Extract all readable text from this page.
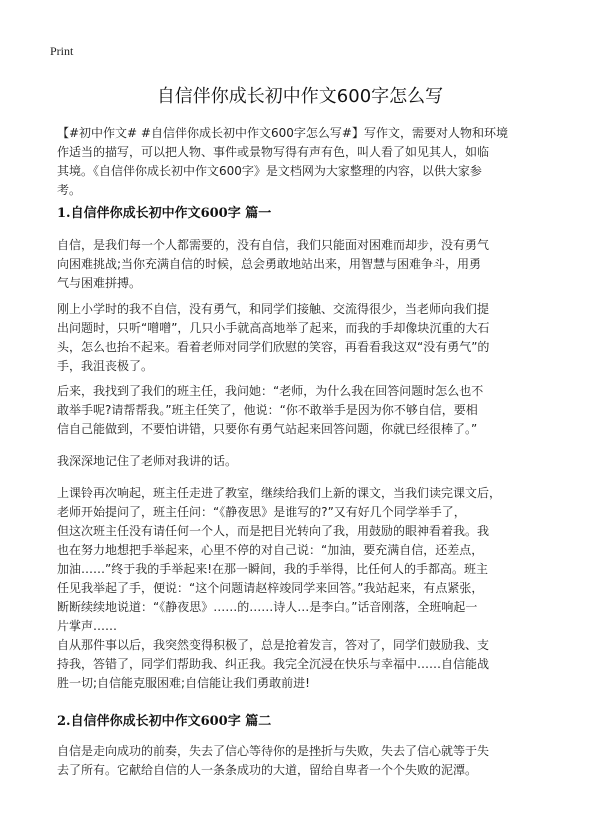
Print
自信伴你成长初中作文600字怎么写
【#初中作文# #自信伴你成长初中作文600字怎么写#】写作文，需要对人物和环境
作适当的描写，可以把人物、事件或景物写得有声有色，叫人看了如见其人，如临
其境。《自信伴你成长初中作文600字》是文档网为大家整理的内容，以供大家参
考。
1.自信伴你成长初中作文600字 篇一
自信，是我们每一个人都需要的，没有自信，我们只能面对困难而却步，没有勇气
向困难挑战;当你充满自信的时候，总会勇敢地站出来，用智慧与困难争斗，用勇
气与困难拼搏。
刚上小学时的我不自信，没有勇气，和同学们接触、交流得很少，当老师向我们提
出问题时，只听“噌噌”，几只小手就高高地举了起来，而我的手却像块沉重的大石
头，怎么也抬不起来。看着老师对同学们欣慰的笑容，再看看我这双“没有勇气”的
手，我沮丧极了。
后来，我找到了我们的班主任，我问她：“老师，为什么我在回答问题时怎么也不
敢举手呢?请帮帮我。”班主任笑了，他说：“你不敢举手是因为你不够自信，要相
信自己能做到，不要怕讲错，只要你有勇气站起来回答问题，你就已经很棒了。”
我深深地记住了老师对我讲的话。
上课铃再次响起，班主任走进了教室，继续给我们上新的课文，当我们读完课文后，
老师开始提问了，班主任问：“《静夜思》是谁写的?”又有好几个同学举手了，
但这次班主任没有请任何一个人，而是把目光转向了我，用鼓励的眼神看着我。我
也在努力地想把手举起来，心里不停的对自己说：“加油，要充满自信，还差点，
加油……”终于我的手举起来!在那一瞬间，我的手举得，比任何人的手都高。班主
任见我举起了手，便说：“这个问题请赵梓竣同学来回答。”我站起来，有点紧张，
断断续续地说道：“《静夜思》……的……诗人…是李白。”话音刚落，全班响起一
片掌声……
自从那件事以后，我突然变得积极了，总是抢着发言，答对了，同学们鼓励我、支
持我，答错了，同学们帮助我、纠正我。我完全沉浸在快乐与幸福中……自信能战
胜一切;自信能克服困难;自信能让我们勇敢前进!
2.自信伴你成长初中作文600字 篇二
自信是走向成功的前奏，失去了信心等待你的是挫折与失败，失去了信心就等于失
去了所有。它献给自信的人一条条成功的大道，留给自卑者一个个失败的泥潭。
